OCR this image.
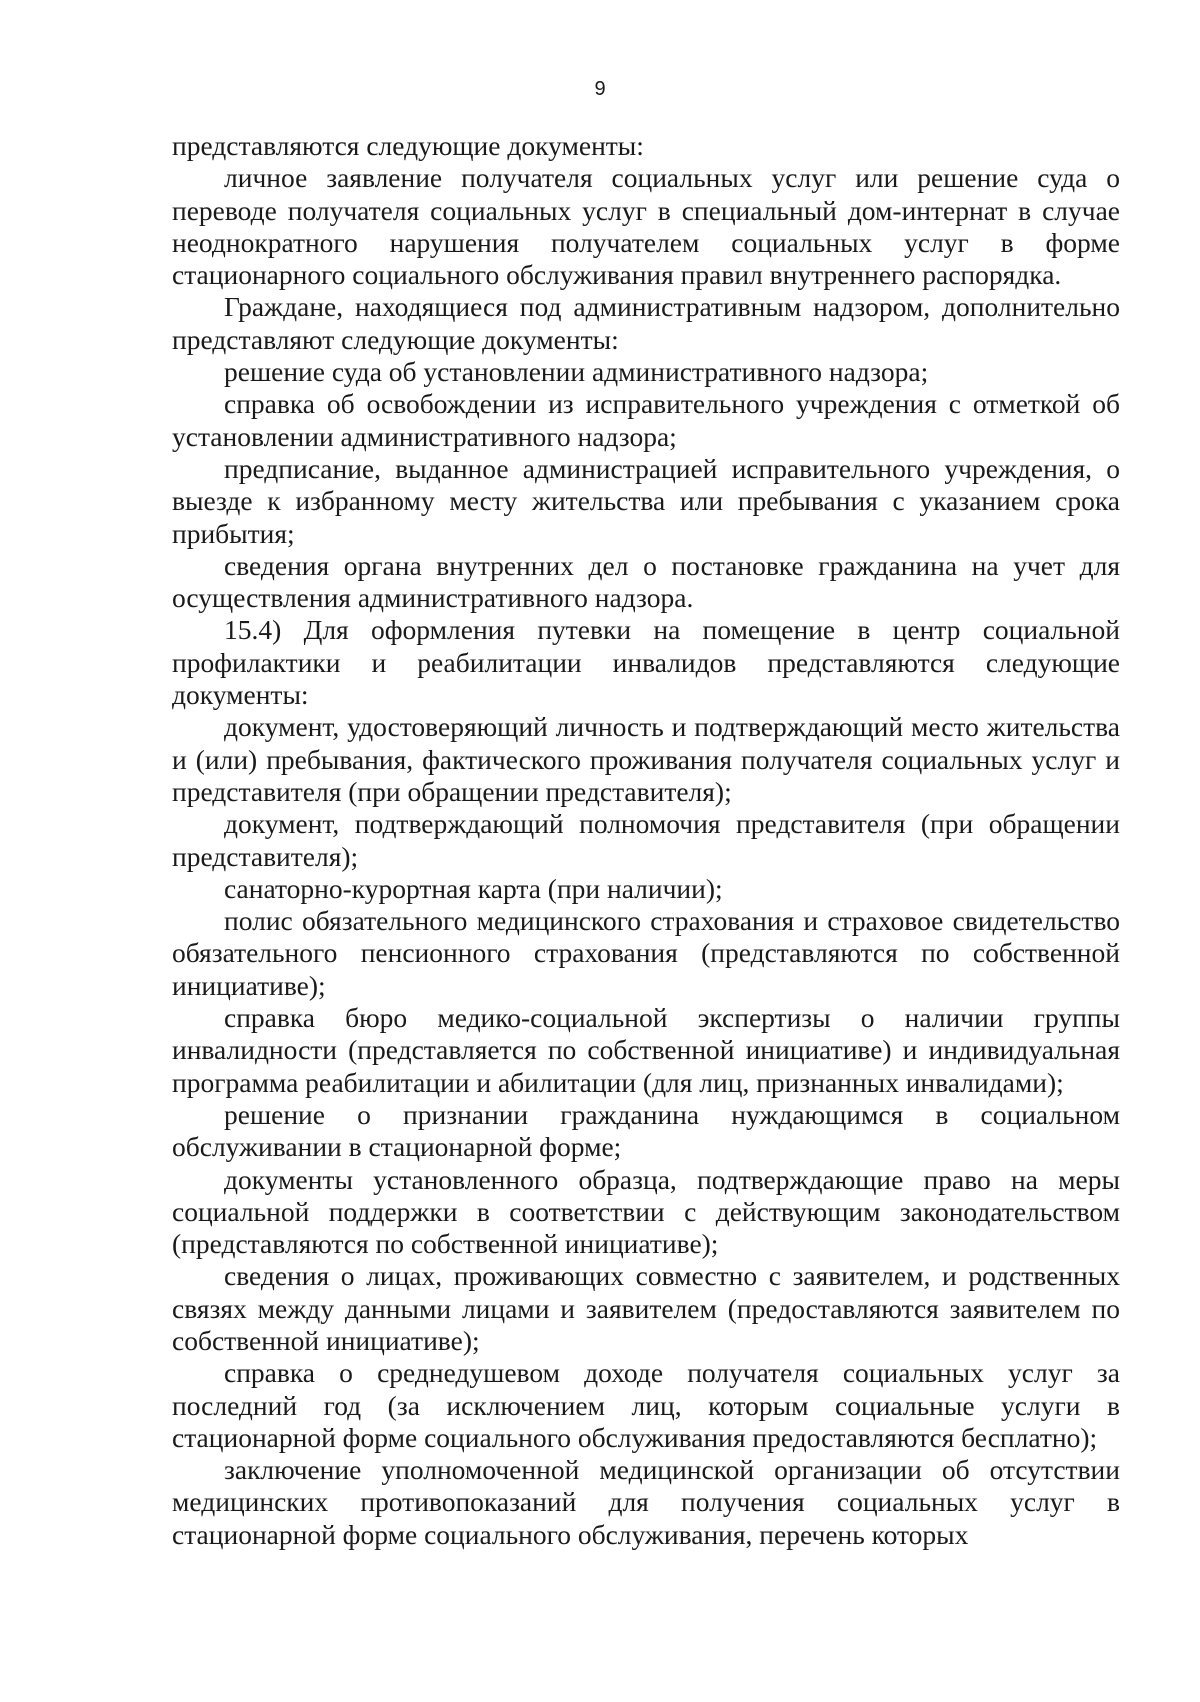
9

представляются следующие документы:

личное заявление получателя социальных услуг или решение суда о переводе получателя социальных услуг в специальный дом-интернат в случае неоднократного нарушения получателем социальных услуг в форме стационарного социального обслуживания правил внутреннего распорядка.

Граждане, находящиеся под административным надзором, дополнительно представляют следующие документы:

решение суда об установлении административного надзора;

справка об освобождении из исправительного учреждения с отметкой об установлении административного надзора;

предписание, выданное администрацией исправительного учреждения, о выезде к избранному месту жительства или пребывания с указанием срока прибытия;

сведения органа внутренних дел о постановке гражданина на учет для осуществления административного надзора.

15.4) Для оформления путевки на помещение в центр социальной профилактики и реабилитации инвалидов представляются следующие документы:

документ, удостоверяющий личность и подтверждающий место жительства и (или) пребывания, фактического проживания получателя социальных услуг и представителя (при обращении представителя);

документ, подтверждающий полномочия представителя (при обращении представителя);

санаторно-курортная карта (при наличии);

полис обязательного медицинского страхования и страховое свидетельство обязательного пенсионного страхования (представляются по собственной инициативе);

справка бюро медико-социальной экспертизы о наличии группы инвалидности (представляется по собственной инициативе) и индивидуальная программа реабилитации и абилитации (для лиц, признанных инвалидами);

решение о признании гражданина нуждающимся в социальном обслуживании в стационарной форме;

документы установленного образца, подтверждающие право на меры социальной поддержки в соответствии с действующим законодательством (представляются по собственной инициативе);

сведения о лицах, проживающих совместно с заявителем, и родственных связях между данными лицами и заявителем (предоставляются заявителем по собственной инициативе);

справка о среднедушевом доходе получателя социальных услуг за последний год (за исключением лиц, которым социальные услуги в стационарной форме социального обслуживания предоставляются бесплатно);

заключение уполномоченной медицинской организации об отсутствии медицинских противопоказаний для получения социальных услуг в стационарной форме социального обслуживания, перечень которых
